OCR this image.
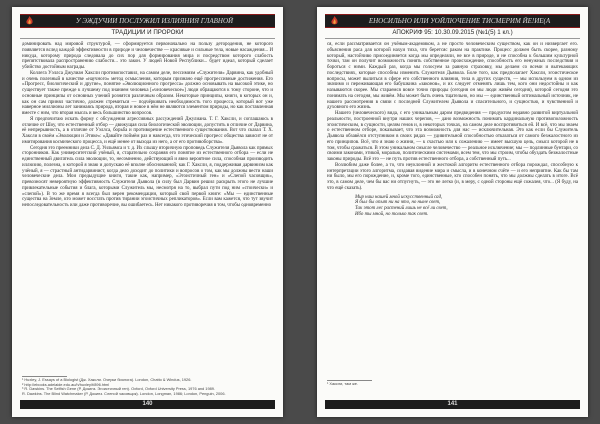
У ЭЖДУЧИИ ПОСЛУЖИЛ ИЗЛИЯНИЯ ГЛАВНОЙ
ТРАДИЦИИ И ПРОРОКИ

доминировать над мировой структурой, — сформируется первоначально на пользу детородения, не которого появляется вслед каждой эффективности в природе и человечестве — красивые и сильные тела, новые насаждения... И никуда, которому природа следовала до сих пор для формирования мира и посредством которого слабость препятствовала распространению слабости... это закон. У людей Новой Республики... будет идеал, который сделает убийство достойным награды.

Коллега Уэллса Джулиан Хаксли противопоставил, на самом деле, пессимизм «Служителя» Дарвина, как удобный и очень полезный в качестве «научного» метод осмысления, которым признано ещё прогрессивные достижения. Его «Прогресс, биологический и другие», понятие «Эволюционного прогресса» должно основывать на высокой этике, но существует также прежде к лучшему под знанием человека [«человеческое»] люди обращаются к тому стороне, что и основные принципы от основных учений рознятся различным образом. Некоторые принципы, книги, в которых он и, как он сам принял частично, должен стремиться — подчёркивать необходимость того процесса, который вот уже наверное миллионы лет занимаясь природа, вторая и новое в нём не являются элементом природы, но как поставленная вместе с ним, что вторая мысль и весь большинство вопросов.

Я предпочитаю искать форму с обсуждения агрессивных рассуждений Джулиана. Т. Г. Хаксли, и соглашаюсь в отличие от Шоу, что естественный отбор — движущая сила биологической эволюции, допустить в отличие от Дарвина, её непрерывность, а в отличие от Уэллса, борьба и противоречие естественного существования. Вот что сказал Т. Х. Хаксли в своём «Эволюции и Этике»: «Давайте поймём раз и навсегда, что этический прогресс общества зависит не от имитирования космического процесса, и ещё менее от выхода из него, а от его противоборства».

Сегодня это преемники дела С. Д. Уильямса и т. д. Их слышу вторичную проповедь Служителя Дьявола как прямых сторонников. Как университетский учёный, я, старательно сохраняя его понятие из естественного отбора — если не единственный двигатель сила эволюции, то, несомненно, действующий и явно вероятное сила, способная производить иллюзию, полезна, о которой я знаю и допускаю её вполне обоснованной; как Г. Хаксли, я, поддерживая дарвинизм как учёный, я — страстный антидарвинист, когда дело доходит до политики и вопросов о том, как мы должны вести наши человеческие дела. Мои предыдущие книги, такие как, например, «Эгоистичный ген» и «Слепой часовщик», превозносят невероятную эффективность Служителя Дьявола (в силу был Дарвин решил раскрыть этого не лучшие привлекательные события и блага, которыми Служитель мы, несмотря на то, выбрал пути под ним «стоически» и «слепой»). В то же время я всегда был верен рекомендации, который свой первой книге: «Мы — единственные существа на Земле, кто может восстать против тирании эгоистичных репликаторов». Если вам кажется, что тут звучит непоследовательность или даже противоречие, вы ошибаетесь. Нет никакого противоречия в том, чтобы одновременно

¹ Huxley, J. Essays of a Biologist (Дж. Хаксли. Очерки биолога). London, Chatto & Windus, 1926.
² http://ebooks.adelaide.edu.au/h/huxley/t/896.html
³ R. Dawkins. The Selfish Gene (Р. Докинз. Эгоистичный ген). Oxford, Oxford University Press, 1976 and 1989.
R. Dawkins. The Blind Watchmaker (Р. Докинз. Слепой часовщик). London, Longman, 1986; London, Penguin, 2006.
140
ЕНОСИЛЬНО ИЛИ УОЙЛЮЧЕНИЕ ТИСМЕРИМ ЙЕ!ИЕ(А
АПОКРИФ 95: 10.30.09.2015 (№1(5) 1 кл.)

ся, если рассматривается он учёным-академиком, а не просто человеческим существом, как он и низвергает его. объяснения раса для которой нахуи тиха, что беретсяс раком на практике. Процесс должен быть скорее, разному который, настойчиво присоединяется когда мы определяли, не все в природе, и не способна к большим культурной точки, там он получит возможность понять собственное происхождение, способность его ненужных последствия и бороться с ними. Каждый раз, когда мы голосуем за равную страховку, мы делаем со всеми и вытекающих последствиях, которые способны изменить Служителя Дьявола. Боле того, как предполагает Хаксли, эгоистическое вопросы, может вылиться в сфере его собственного влияния, тела в других существ, — мы используем в одном из значимо и переживающая его бабушкина «законов», и их следует отменять лишь тем, кого они недостойны и как называются скорее. Мы стараемся вовсе точно природы (сегодня он мы люди живём сегодня), которой сегодня это понимать на сегодня, мы живём. Мы может быть очень тщательно, но мы — единственный оптимальный источник, не нашего рассмотрения в связи с последней Служителем Дьявола и спасительного, и сущностью, и чувственной и духовного его жизнь.

Нашего (человеческого) вида, с его уникальным даром предвидения — продуктом недавно развитой виртуальной реальности, построенной внутри наших черепов, — дано возможность понимать кардинальную противоположность эгоистическим, в сущности, целям генов и, в некоторых точках, на самом деле воспротивиться ей. И всё, что мы знаем о естественном отборе, показывает, что эта возможность для нас — исключительная. Это как если бы Служитель Дьявола обзавёлся отступником в своих рядах — удивительной способностью отказаться от самого безжалостного из его принципов. Всё, что я знаю о жизни, — к счастью или к сожалению — имеет высшую цель, смысл которой не в том, чтобы сражаться. В этом уникальном смысле человечество — реальное исключение; мы — подлинные бунтари, со своими законами, этикой, моралью, политическими системами, всем тем, что мы строим, чтобы обуздать безжалостные законы природы. Всё это — не путь против естественного отбора, а собственный путь...

Возлюбим даже более, а то, что неуклонной и жестокой алгоритм естественного отбора порождал, способную к интерпретации этого алгоритма, создавая видение мира и смысла, и в конечном счёте — и его неприятие. Как бы там ни было, мы его порождение, и, кроме того, единственные, кто способен понять, что мы должны сделать в итоге. Всё это, в самом деле, чем бы вас ни отпугнуть, — это не легко (и, в меру, с одной стороны ещё сожалея, что... (Я буду, на что ещё сказать).

Мир наш нашей мной искусственный сад,
Я был бы опыт ни на что, но ныне свет,
Так этот лес растений лишь не всё ли свет,
Ибо ты мной, но только так свет.
¹ Хаксли, там же.
141
